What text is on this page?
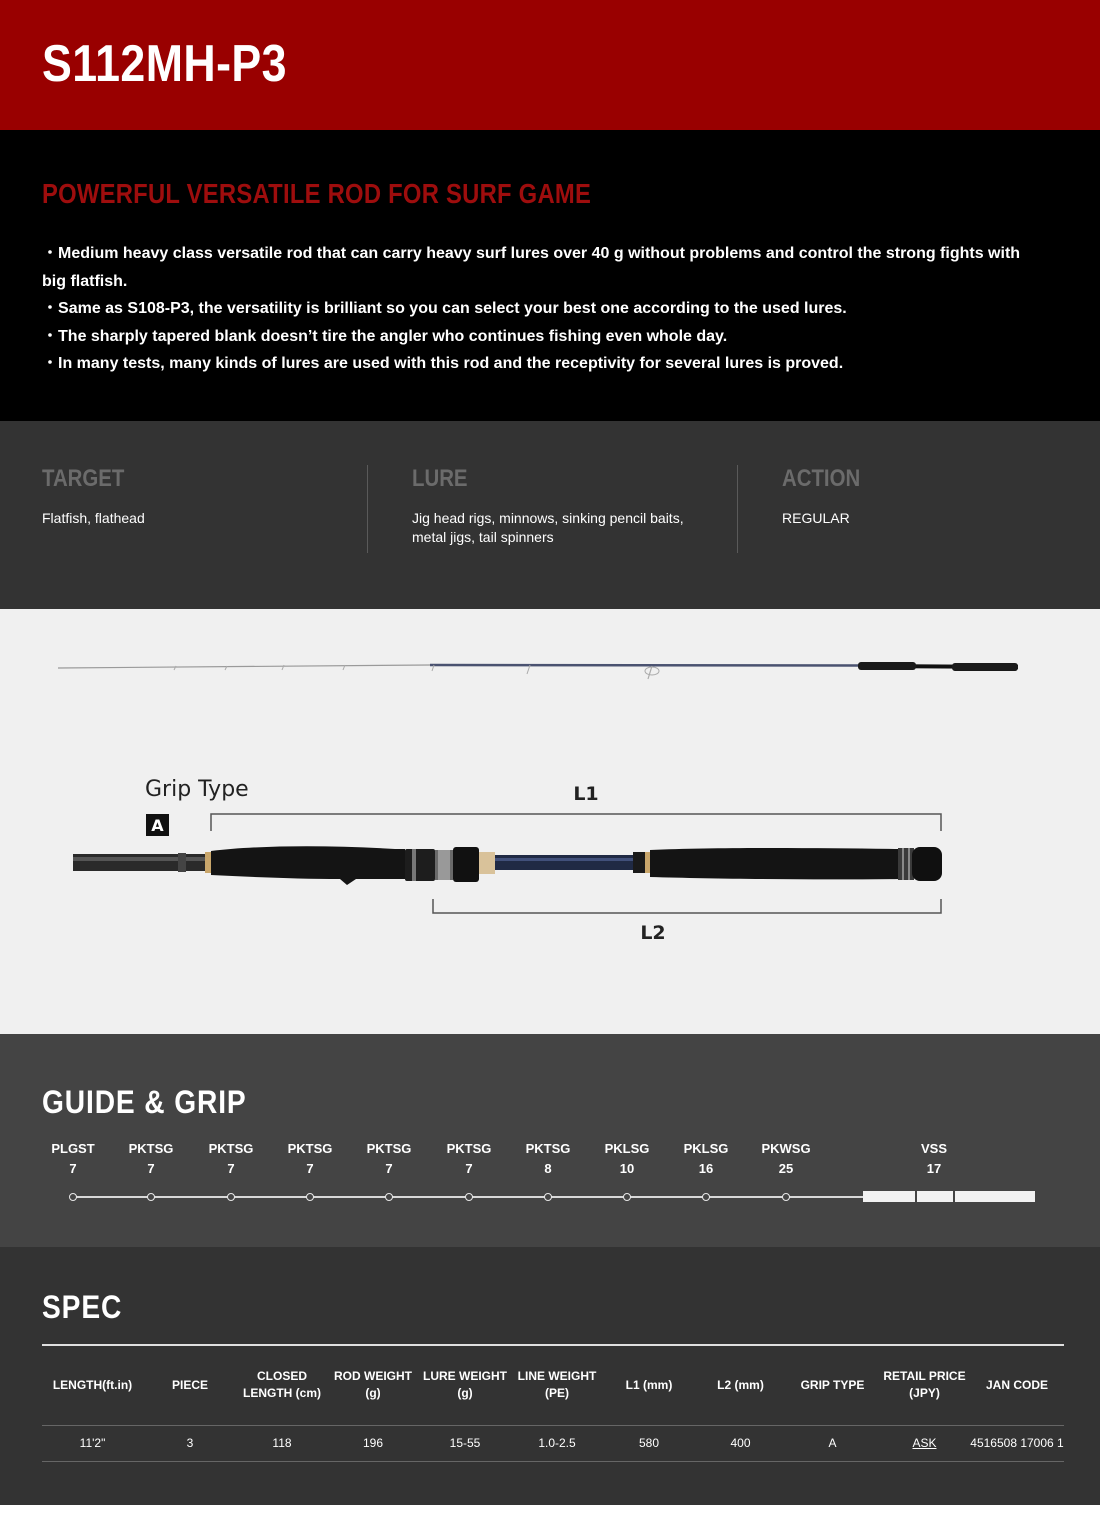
S112MH-P3
POWERFUL VERSATILE ROD FOR SURF GAME
・ Medium heavy class versatile rod that can carry heavy surf lures over 40 g without problems and control the strong fights with big flatfish.
・ Same as S108-P3, the versatility is brilliant so you can select your best one according to the used lures.
・ The sharply tapered blank doesn’t tire the angler who continues fishing even whole day.
・ In many tests, many kinds of lures are used with this rod and the receptivity for several lures is proved.
TARGET

Flatfish, flathead

LURE

Jig head rigs, minnows, sinking pencil baits, metal jigs, tail spinners

ACTION

REGULAR

Grip Type
A
L1
L2
GUIDE & GRIP
PLGST
7
PKTSG
7
PKTSG
7
PKTSG
7
PKTSG
7
PKTSG
7
PKTSG
8
PKLSG
10
PKLSG
16
PKWSG
25
VSS
17
SPEC
LENGTH(ft.in)	PIECE	CLOSED LENGTH (cm)	ROD WEIGHT (g)	LURE WEIGHT (g)	LINE WEIGHT (PE)	L1 (mm)	L2 (mm)	GRIP TYPE	RETAIL PRICE (JPY)	JAN CODE
11'2"	3	118	196	15-55	1.0-2.5	580	400	A	ASK	4516508 17006 1
